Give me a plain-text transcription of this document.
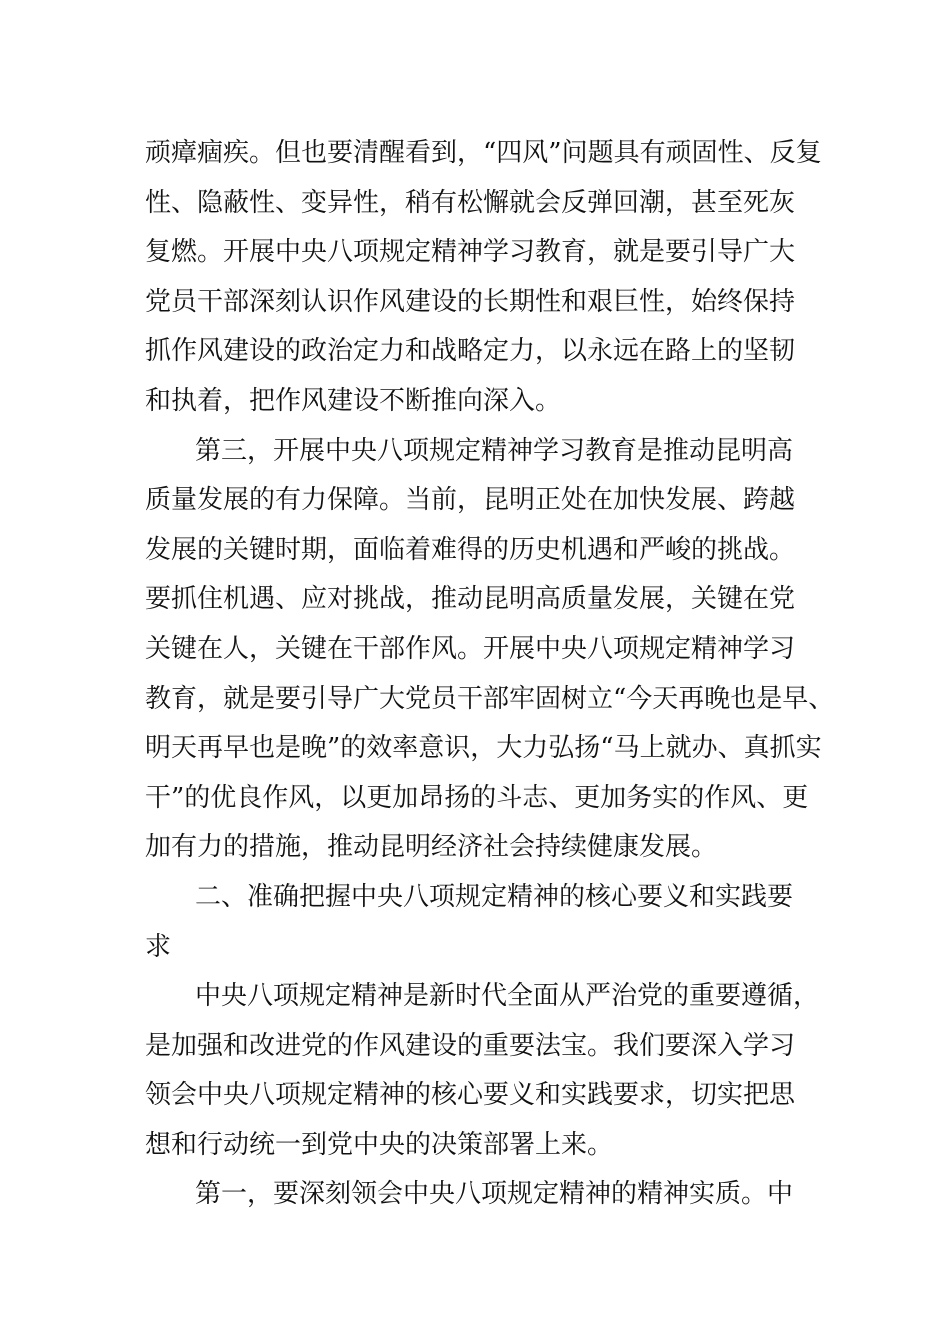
顽瘴痼疾。但也要清醒看到，“四风”问题具有顽固性、反复
性、隐蔽性、变异性，稍有松懈就会反弹回潮，甚至死灰
复燃。开展中央八项规定精神学习教育，就是要引导广大
党员干部深刻认识作风建设的长期性和艰巨性，始终保持
抓作风建设的政治定力和战略定力，以永远在路上的坚韧
和执着，把作风建设不断推向深入。
第三，开展中央八项规定精神学习教育是推动昆明高
质量发展的有力保障。当前，昆明正处在加快发展、跨越
发展的关键时期，面临着难得的历史机遇和严峻的挑战。
要抓住机遇、应对挑战，推动昆明高质量发展，关键在党
关键在人，关键在干部作风。开展中央八项规定精神学习
教育，就是要引导广大党员干部牢固树立“今天再晚也是早、
明天再早也是晚”的效率意识，大力弘扬“马上就办、真抓实
干”的优良作风，以更加昂扬的斗志、更加务实的作风、更
加有力的措施，推动昆明经济社会持续健康发展。
二、准确把握中央八项规定精神的核心要义和实践要
求
中央八项规定精神是新时代全面从严治党的重要遵循，
是加强和改进党的作风建设的重要法宝。我们要深入学习
领会中央八项规定精神的核心要义和实践要求，切实把思
想和行动统一到党中央的决策部署上来。
第一，要深刻领会中央八项规定精神的精神实质。中
